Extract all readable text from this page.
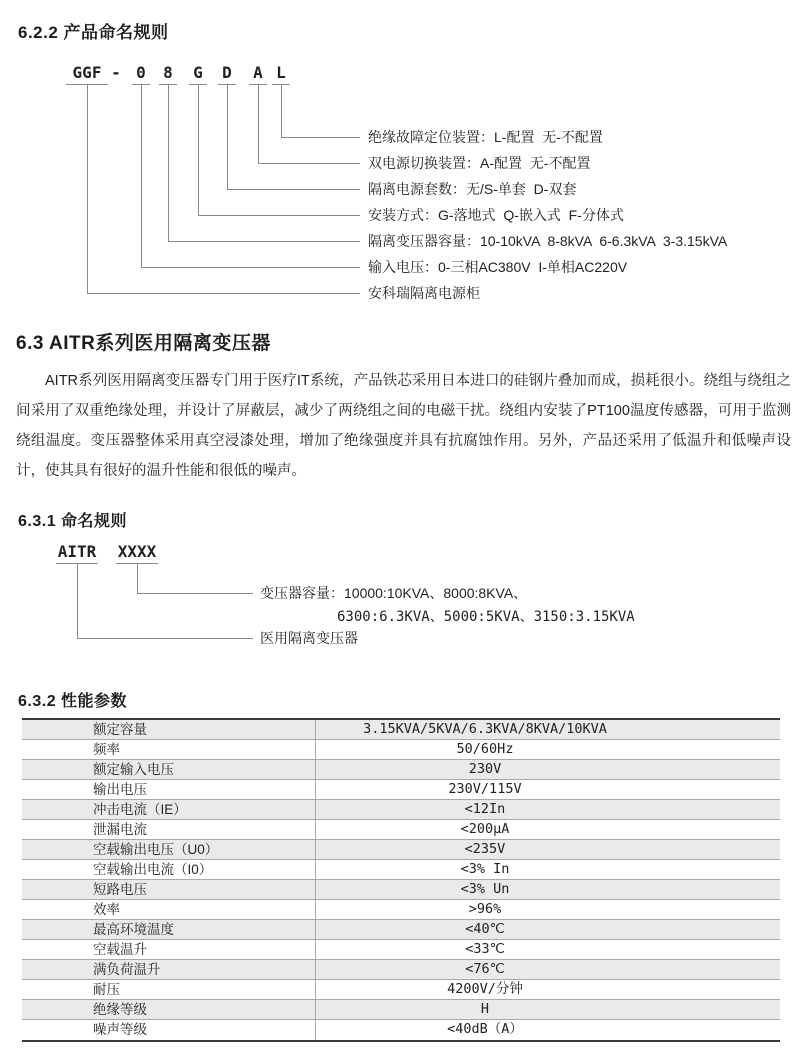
6.2.2 产品命名规则
GGF - 0 8 G D A L
绝缘故障定位装置：L-配置  无-不配置
双电源切换装置：A-配置  无-不配置
隔离电源套数：无/S-单套  D-双套
安装方式：G-落地式  Q-嵌入式  F-分体式
隔离变压器容量：10-10kVA  8-8kVA  6-6.3kVA  3-3.15kVA
输入电压：0-三相AC380V  I-单相AC220V
安科瑞隔离电源柜
6.3 AITR系列医用隔离变压器
AITR系列医用隔离变压器专门用于医疗IT系统，产品铁芯采用日本进口的硅钢片叠加而成，损耗很小。绕组与绕组之间采用了双重绝缘处理，并设计了屏蔽层，减少了两绕组之间的电磁干扰。绕组内安装了PT100温度传感器，可用于监测绕组温度。变压器整体采用真空浸漆处理，增加了绝缘强度并具有抗腐蚀作用。另外，产品还采用了低温升和低噪声设计，使其具有很好的温升性能和很低的噪声。
6.3.1 命名规则
AITR XXXX
变压器容量：10000:10KVA、8000:8KVA、
6300:6.3KVA、5000:5KVA、3150:3.15KVA
医用隔离变压器
6.3.2 性能参数
额定容量	3.15KVA/5KVA/6.3KVA/8KVA/10KVA
频率	50/60Hz
额定输入电压	230V
输出电压	230V/115V
冲击电流（IE）	<12In
泄漏电流	<200μA
空载输出电压（U0）	<235V
空载输出电流（I0）	<3% In
短路电压	<3% Un
效率	>96%
最高环境温度	<40℃
空载温升	<33℃
满负荷温升	<76℃
耐压	4200V/分钟
绝缘等级	H
噪声等级	<40dB（A）
